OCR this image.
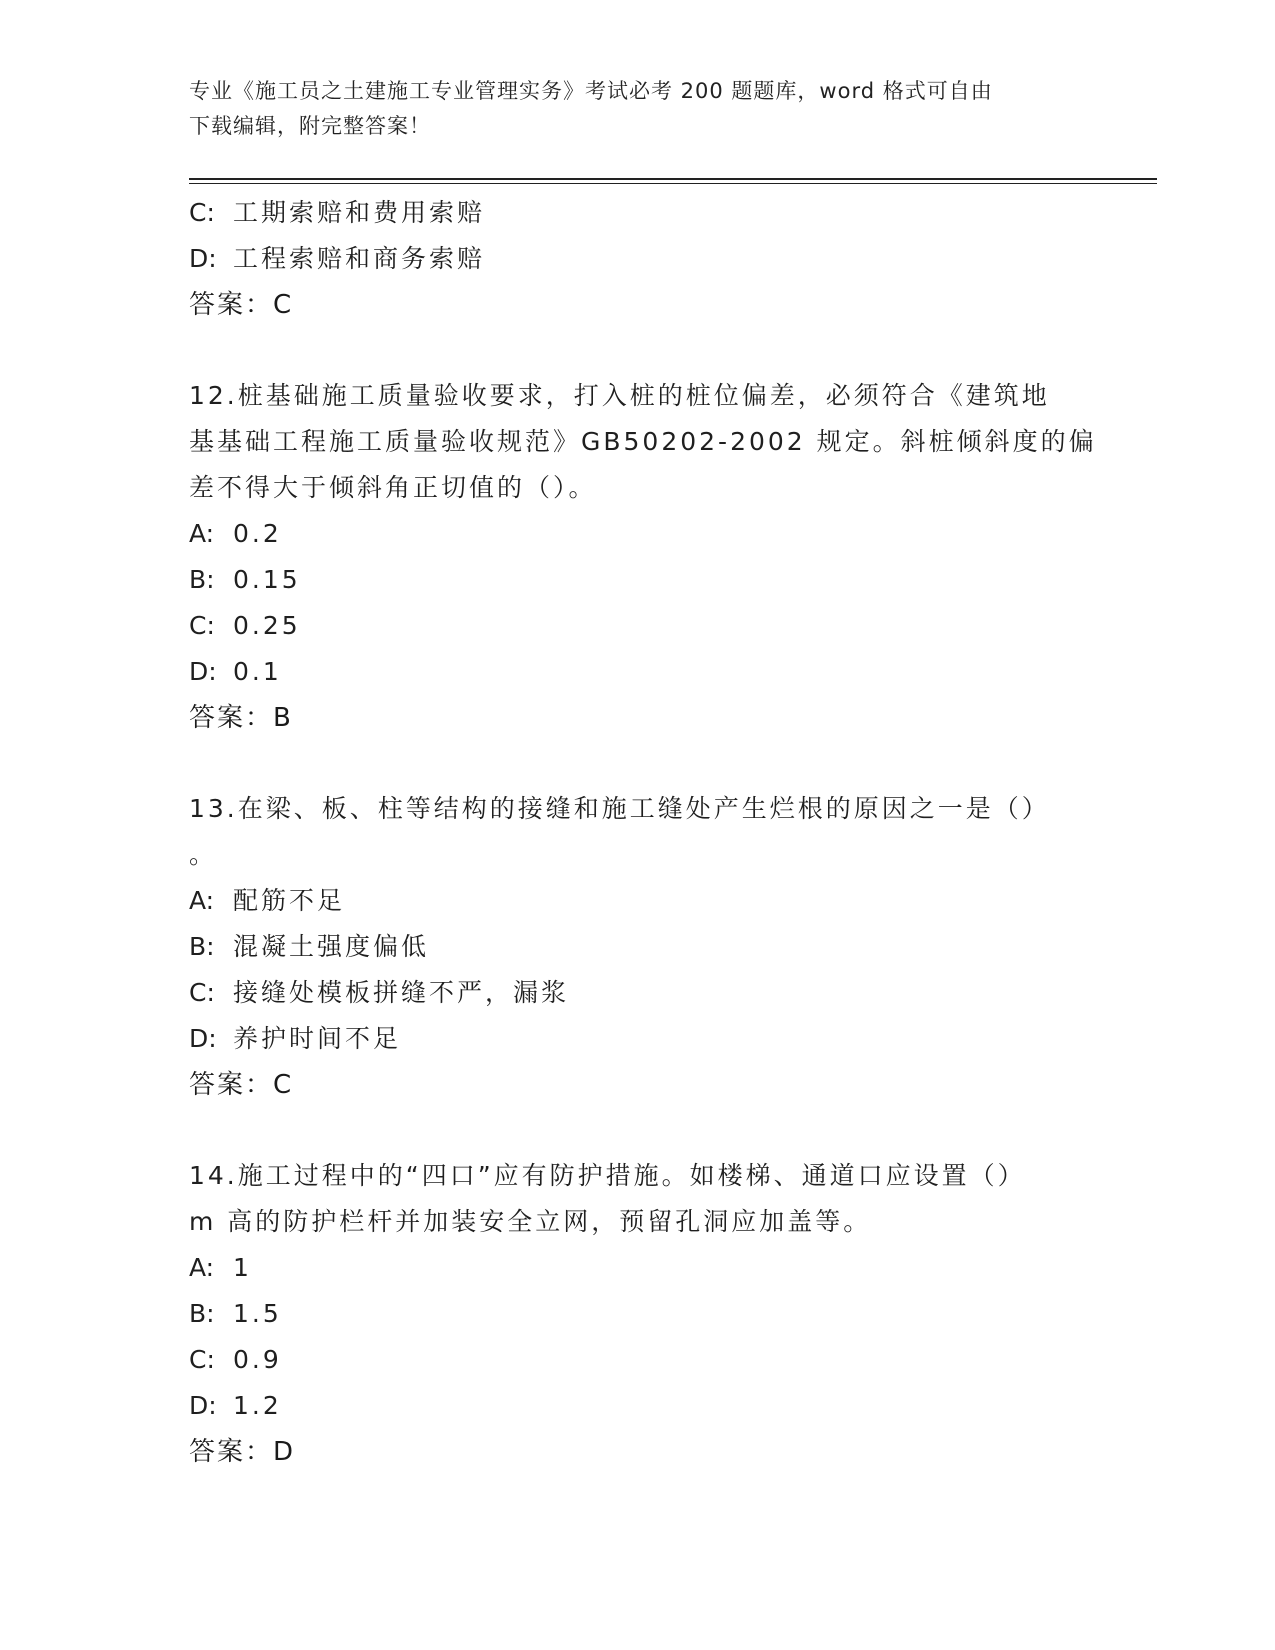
专业《施工员之土建施工专业管理实务》考试必考 200 题题库，word 格式可自由
下载编辑，附完整答案！
C: 工期索赔和费用索赔
D: 工程索赔和商务索赔
答案：C
12.桩基础施工质量验收要求，打入桩的桩位偏差，必须符合《建筑地
基基础工程施工质量验收规范》GB50202-2002 规定。斜桩倾斜度的偏
差不得大于倾斜角正切值的（）。
A: 0.2
B: 0.15
C: 0.25
D: 0.1
答案：B
13.在梁、板、柱等结构的接缝和施工缝处产生烂根的原因之一是（）
。
A: 配筋不足
B: 混凝土强度偏低
C: 接缝处模板拼缝不严，漏浆
D: 养护时间不足
答案：C
14.施工过程中的“四口”应有防护措施。如楼梯、通道口应设置（）
m 高的防护栏杆并加装安全立网，预留孔洞应加盖等。
A: 1
B: 1.5
C: 0.9
D: 1.2
答案：D
